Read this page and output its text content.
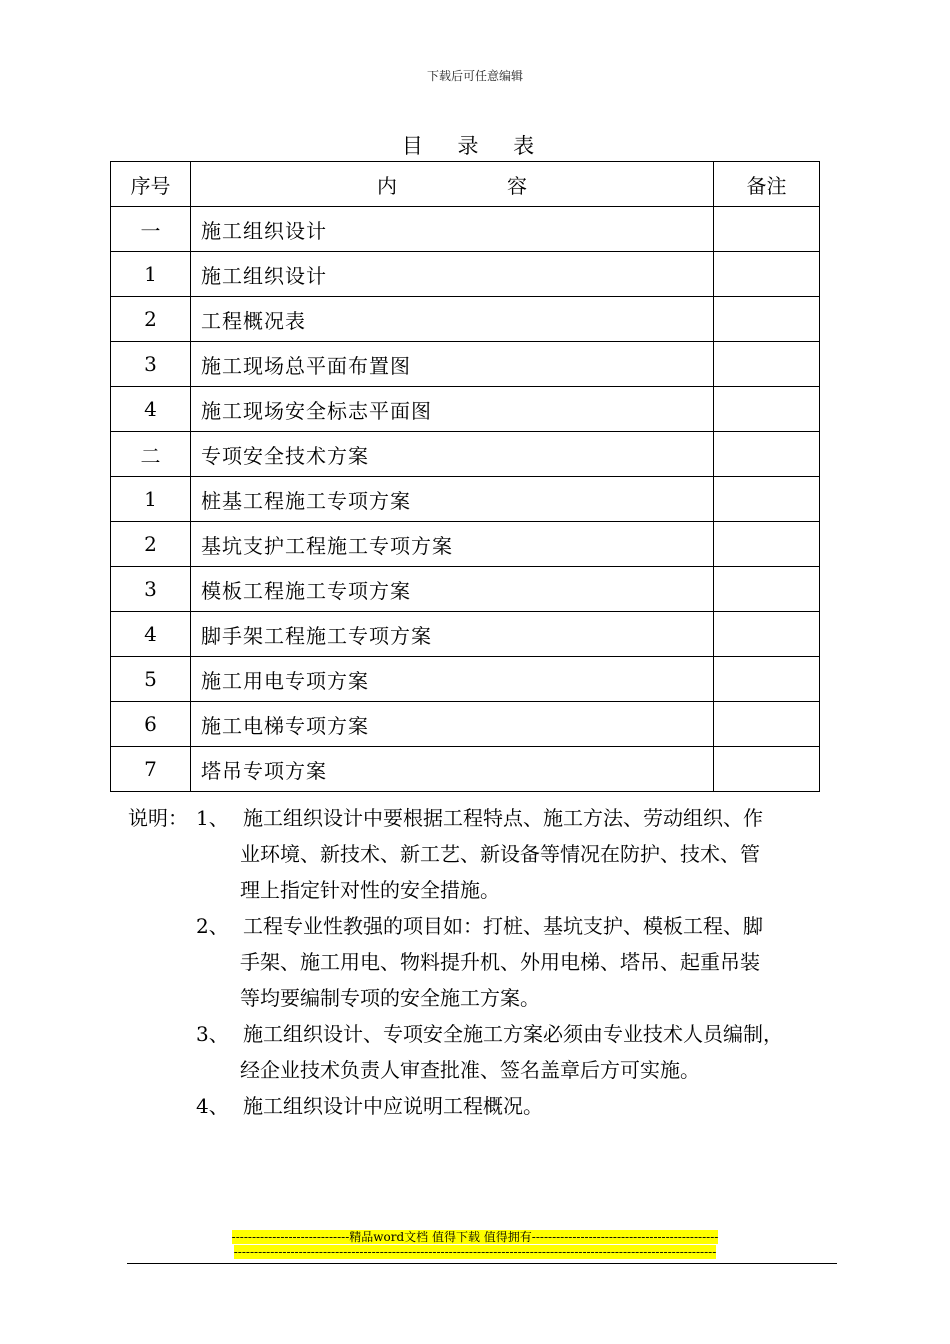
下载后可任意编辑
目 录 表
序号	内 容	备注
一	施工组织设计	
1	施工组织设计	
2	工程概况表	
3	施工现场总平面布置图	
4	施工现场安全标志平面图	
二	专项安全技术方案	
1	桩基工程施工专项方案	
2	基坑支护工程施工专项方案	
3	模板工程施工专项方案	
4	脚手架工程施工专项方案	
5	施工用电专项方案	
6	施工电梯专项方案	
7	塔吊专项方案	
说明： 1、 施工组织设计中要根据工程特点、施工方法、劳动组织、作
业环境、新技术、新工艺、新设备等情况在防护、技术、管
理上指定针对性的安全措施。
2、 工程专业性教强的项目如：打桩、基坑支护、模板工程、脚
手架、施工用电、物料提升机、外用电梯、塔吊、起重吊装
等均要编制专项的安全施工方案。
3、 施工组织设计、专项安全施工方案必须由专业技术人员编制，
经企业技术负责人审查批准、签名盖章后方可实施。
4、 施工组织设计中应说明工程概况。
-----------------------------精品word文档 值得下载 值得拥有----------------------------------------------
-----------------------------------------------------------------------------------------------------------------------
